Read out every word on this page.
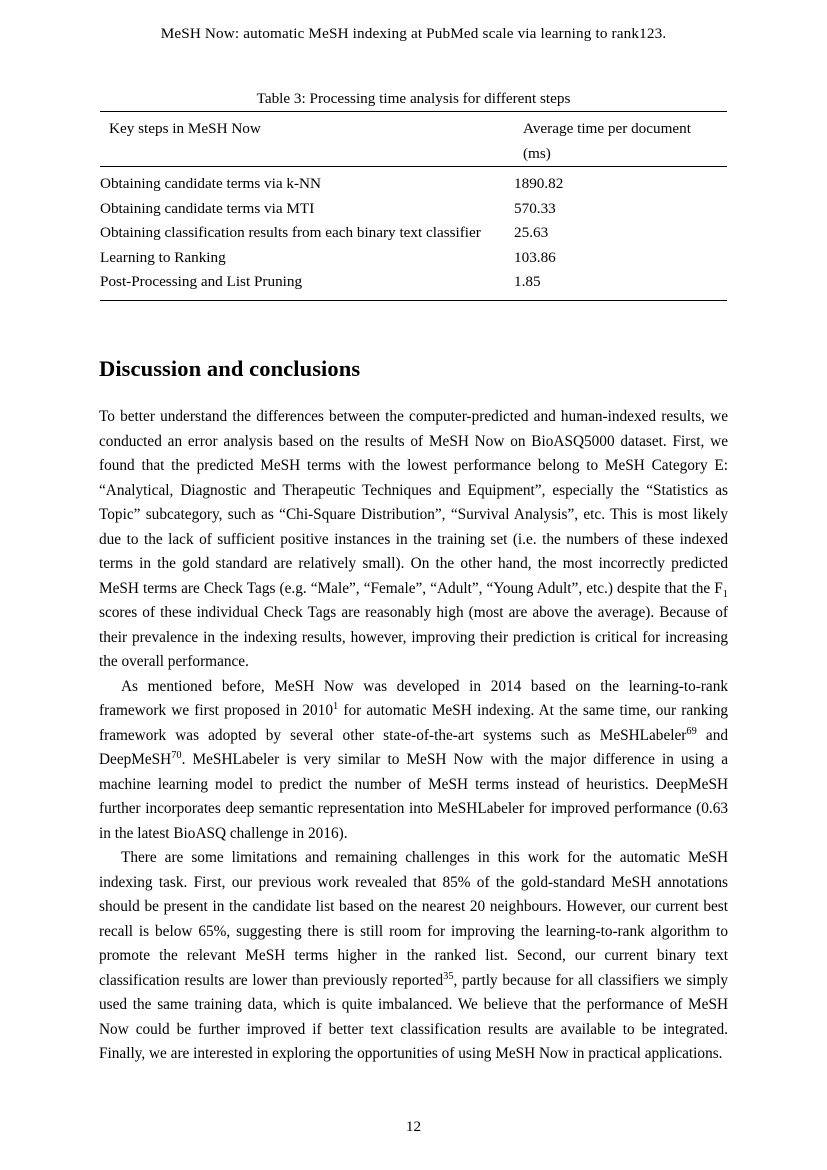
MeSH Now: automatic MeSH indexing at PubMed scale via learning to rank123.
Table 3: Processing time analysis for different steps
Key steps in MeSH Now	Average time per document
(ms)

Obtaining candidate terms via k-NN	1890.82
Obtaining candidate terms via MTI	570.33
Obtaining classification results from each binary text classifier	25.63
Learning to Ranking	103.86
Post-Processing and List Pruning	1.85
Discussion and conclusions

To better understand the differences between the computer-predicted and human-indexed results, we conducted an error analysis based on the results of MeSH Now on BioASQ5000 dataset. First, we found that the predicted MeSH terms with the lowest performance belong to MeSH Category E: “Analytical, Diagnostic and Therapeutic Techniques and Equipment”, especially the “Statistics as Topic” subcategory, such as “Chi-Square Distribution”, “Survival Analysis”, etc. This is most likely due to the lack of sufficient positive instances in the training set (i.e. the numbers of these indexed terms in the gold standard are relatively small). On the other hand, the most incorrectly predicted MeSH terms are Check Tags (e.g. “Male”, “Female”, “Adult”, “Young Adult”, etc.) despite that the $F_1$ scores of these individual Check Tags are reasonably high (most are above the average). Because of their prevalence in the indexing results, however, improving their prediction is critical for increasing the overall performance.

As mentioned before, MeSH Now was developed in 2014 based on the learning-to-rank framework we first proposed in 2010$^1$ for automatic MeSH indexing. At the same time, our ranking framework was adopted by several other state-of-the-art systems such as MeSHLabeler$^{69}$ and DeepMeSH$^{70}$. MeSHLabeler is very similar to MeSH Now with the major difference in using a machine learning model to predict the number of MeSH terms instead of heuristics. DeepMeSH further incorporates deep semantic representation into MeSHLabeler for improved performance (0.63 in the latest BioASQ challenge in 2016).

There are some limitations and remaining challenges in this work for the automatic MeSH indexing task. First, our previous work revealed that 85% of the gold-standard MeSH annotations should be present in the candidate list based on the nearest 20 neighbours. However, our current best recall is below 65%, suggesting there is still room for improving the learning-to-rank algorithm to promote the relevant MeSH terms higher in the ranked list. Second, our current binary text classification results are lower than previously reported$^{35}$, partly because for all classifiers we simply used the same training data, which is quite imbalanced. We believe that the performance of MeSH Now could be further improved if better text classification results are available to be integrated. Finally, we are interested in exploring the opportunities of using MeSH Now in practical applications.

12
